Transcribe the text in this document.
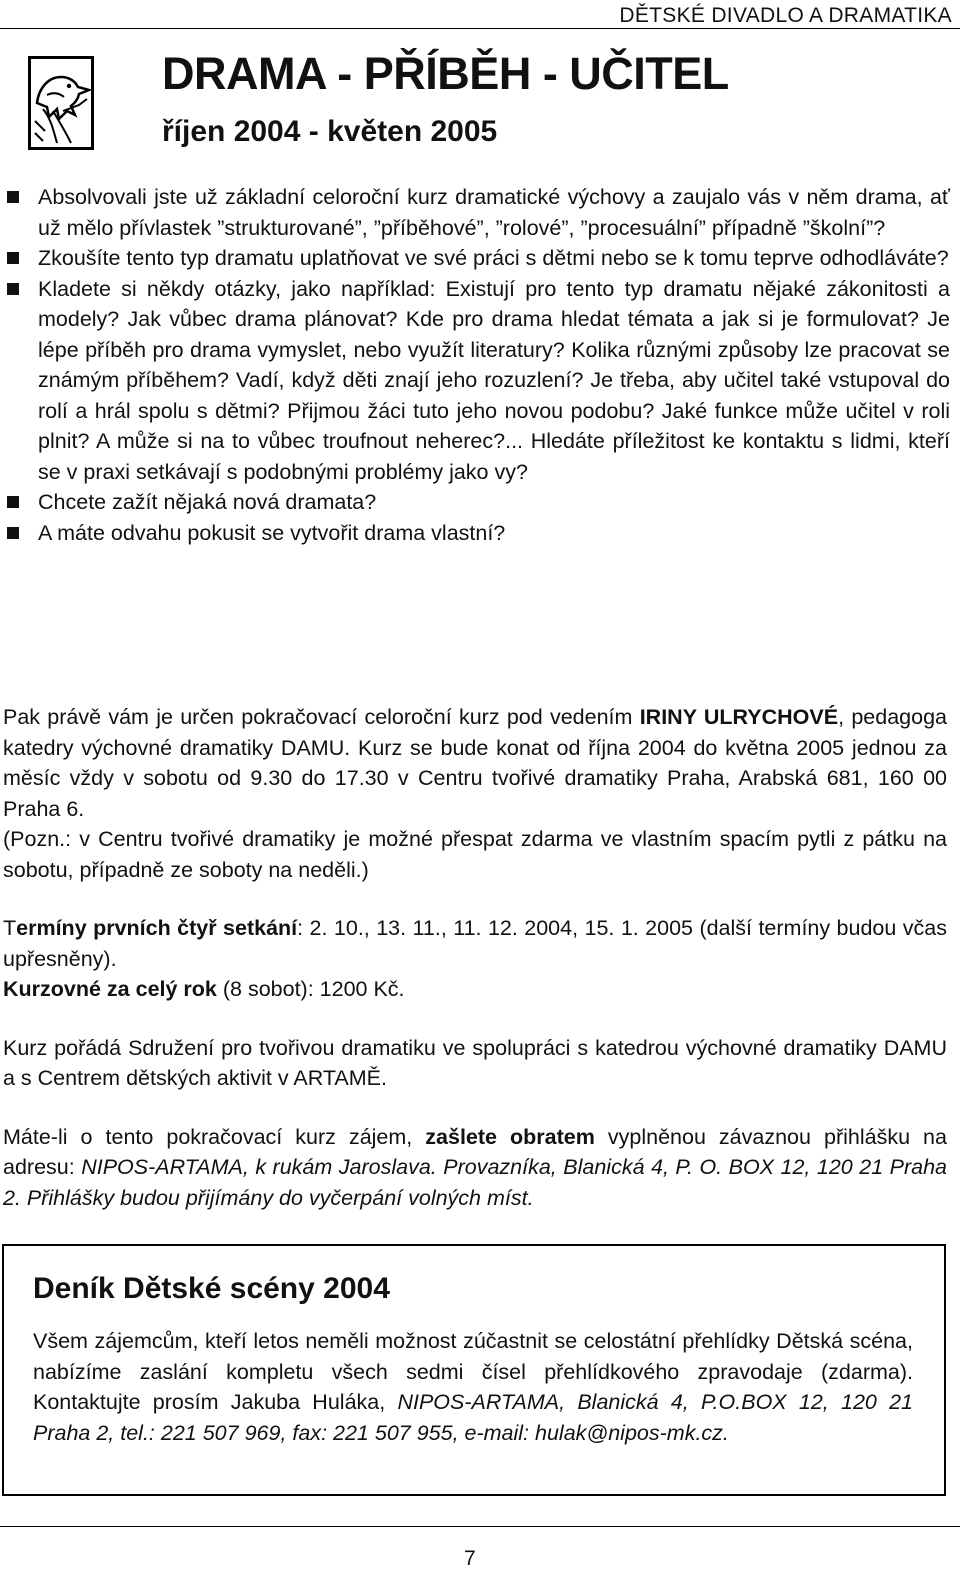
DĚTSKÉ DIVADLO A DRAMATIKA
DRAMA - PŘÍBĚH - UČITEL
říjen 2004 - květen 2005
Absolvovali jste už základní celoroční kurz dramatické výchovy a zaujalo vás v něm drama, ať už mělo přívlastek ”strukturované”, ”příběhové”, ”rolové”, ”procesuální” případně ”školní”?
Zkoušíte tento typ dramatu uplatňovat ve své práci s dětmi nebo se k tomu teprve odhodláváte?
Kladete si někdy otázky, jako například: Existují pro tento typ dramatu nějaké zákonitosti a modely? Jak vůbec drama plánovat? Kde pro drama hledat témata a jak si je formulovat? Je lépe příběh pro drama vymyslet, nebo využít literatury? Kolika různými způsoby lze pracovat se známým příběhem? Vadí, když děti znají jeho rozuzlení? Je třeba, aby učitel také vstupoval do rolí a hrál spolu s dětmi? Přijmou žáci tuto jeho novou podobu? Jaké funkce může učitel v roli plnit? A může si na to vůbec troufnout neherec?... Hledáte příležitost ke kontaktu s lidmi, kteří se v praxi setkávají s podobnými problémy jako vy?
Chcete zažít nějaká nová dramata?
A máte odvahu pokusit se vytvořit drama vlastní?

Pak právě vám je určen pokračovací celoroční kurz pod vedením IRINY ULRYCHOVÉ, pedagoga katedry výchovné dramatiky DAMU. Kurz se bude konat od října 2004 do května 2005 jednou za měsíc vždy v sobotu od 9.30 do 17.30 v Centru tvořivé dramatiky Praha, Arabská 681, 160 00 Praha 6.

(Pozn.: v Centru tvořivé dramatiky je možné přespat zdarma ve vlastním spacím pytli z pátku na sobotu, případně ze soboty na neděli.)

Termíny prvních čtyř setkání: 2. 10., 13. 11., 11. 12. 2004, 15. 1. 2005 (další termíny budou včas upřesněny).

Kurzovné za celý rok (8 sobot): 1200 Kč.

Kurz pořádá Sdružení pro tvořivou dramatiku ve spolupráci s katedrou výchovné dramatiky DAMU a s Centrem dětských aktivit v ARTAMĚ.

Máte-li o tento pokračovací kurz zájem, zašlete obratem vyplněnou závaznou přihlášku na adresu: NIPOS-ARTAMA, k rukám Jaroslava. Provazníka, Blanická 4, P. O. BOX 12, 120 21 Praha 2. Přihlášky budou přijímány do vyčerpání volných míst.

Deník Dětské scény 2004
Všem zájemcům, kteří letos neměli možnost zúčastnit se celostátní přehlídky Dětská scéna, nabízíme zaslání kompletu všech sedmi čísel přehlídkového zpravodaje (zdarma). Kontaktujte prosím Jakuba Huláka, NIPOS-ARTAMA, Blanická 4, P.O.BOX 12, 120 21 Praha 2, tel.: 221 507 969, fax: 221 507 955, e-mail: hulak@nipos-mk.cz.
7
